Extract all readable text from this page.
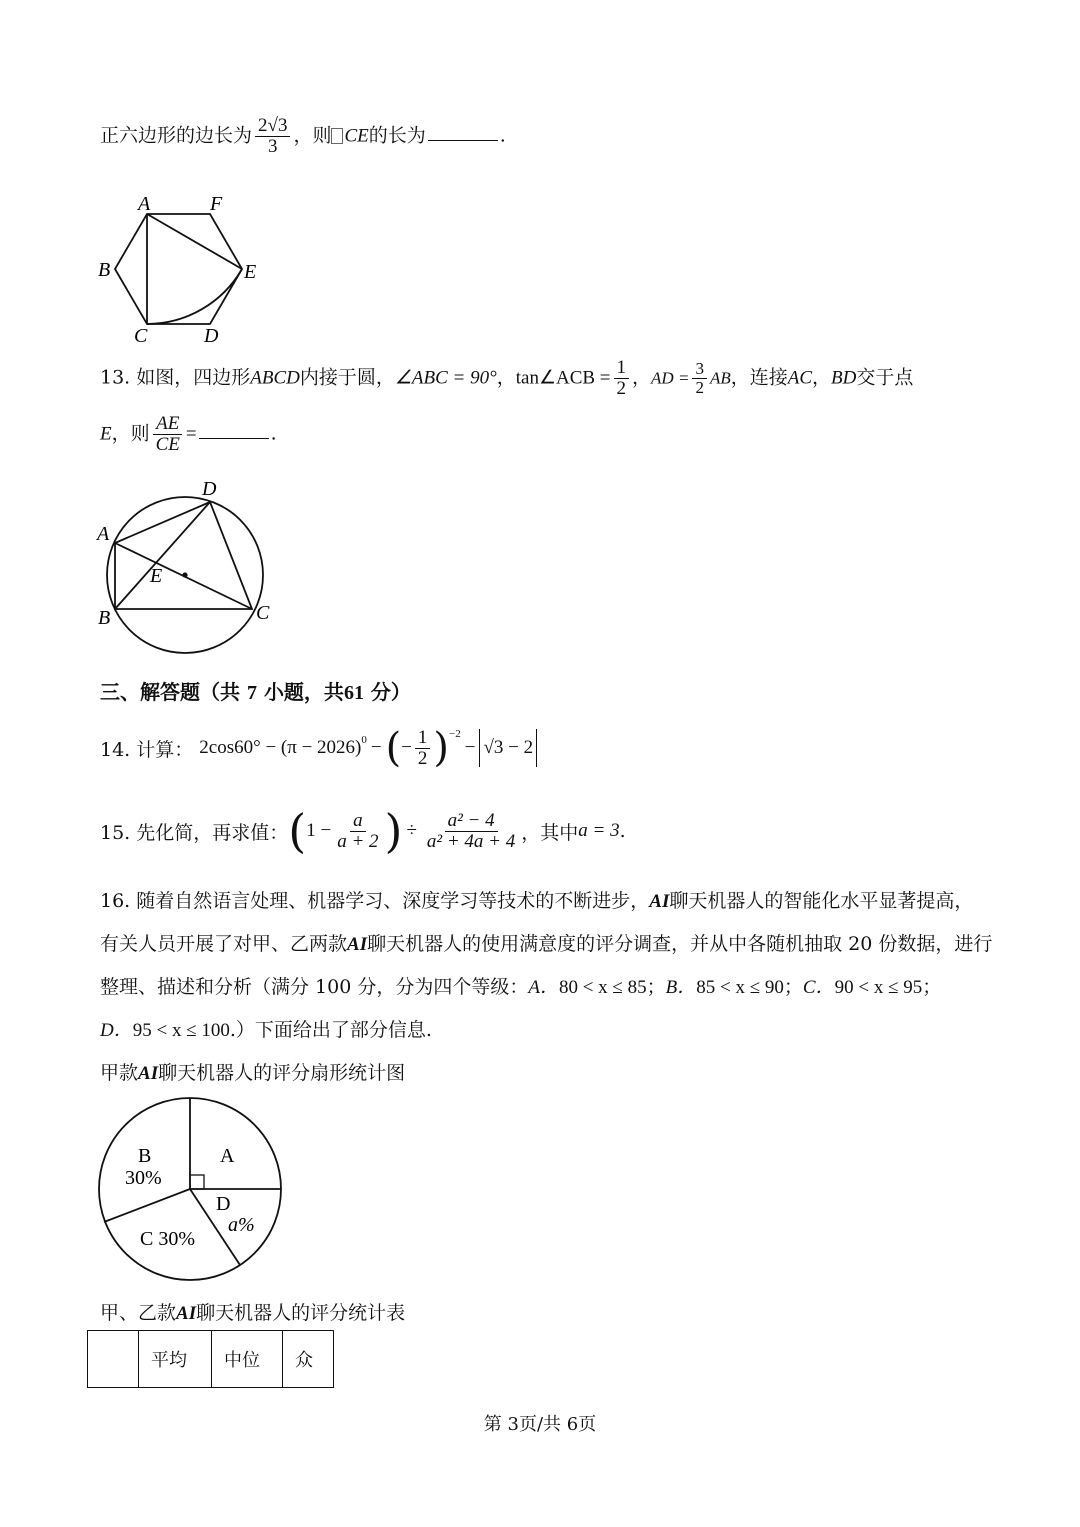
正六边形的边长为 $\frac{2√3}{3}$ ，则 CE的长为	.
A	F
B	E
C	D
13. 如图，四边形ABCD内接于圆，∠ABC = 90°，tan∠ACB = $\frac{1}{2}$ ，AD = $\frac{3}{2}$ AB，连接AC，BD交于点
E，则 $\frac{AE}{CE}$ =	.
D
A
E
B	C
三、解答题（共 7 小题，共61 分）
14. 计算： $2\cos 60^\circ - (\pi - 2026)^0$ − ( − $\frac{1}{2} )^{-2}$
− √3 − 2
15. 先化简，再求值： ( $1 - \frac{a}{a + 2}$ ) ÷ $\frac{\text{a² − 4}}{\text{a² + 4a + 4}}$ ，其中 a = 3 .
16. 随着自然语言处理、机器学习、深度学习等技术的不断进步，AI聊天机器人的智能化水平显著提高，
有关人员开展了对甲、乙两款AI聊天机器人的使用满意度的评分调查，并从中各随机抽取 20 份数据，进行
整理、描述和分析（满分 100 分，分为四个等级：A．80 < x ≤ 85；B．85 < x ≤ 90；C．90 < x ≤ 95；
D．95 < x ≤ 100.）下面给出了部分信息.
甲款AI聊天机器人的评分扇形统计图
B
30%
A
D
a%
C 30%
甲、乙款AI聊天机器人的评分统计表
	平均	中位	众
第 3页/共 6页
